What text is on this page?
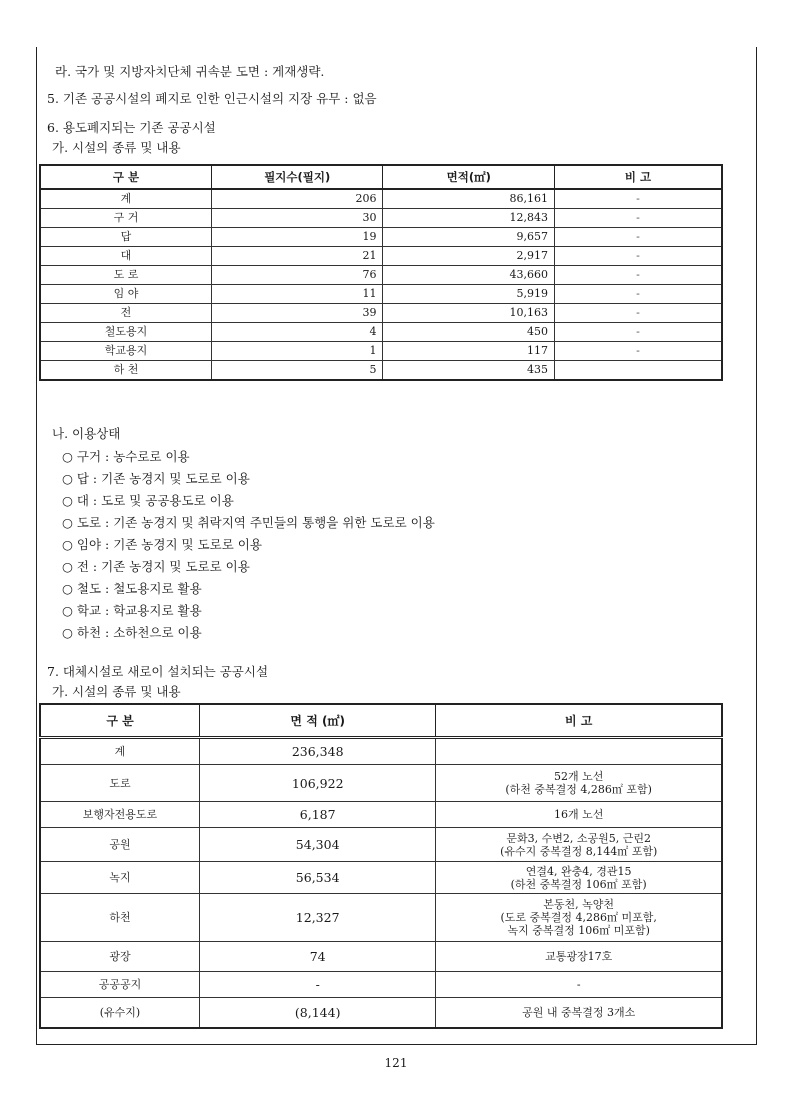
라. 국가 및 지방자치단체 귀속분 도면 : 게재생략.
5. 기존 공공시설의 폐지로 인한 인근시설의 지장 유무 : 없음
6. 용도폐지되는 기존 공공시설
가. 시설의 종류 및 내용
구 분	필지수(필지)	면적(㎡)	비 고
계	206	86,161	-
구 거	30	12,843	-
답	19	9,657	-
대	21	2,917	-
도 로	76	43,660	-
임 야	11	5,919	-
전	39	10,163	-
철도용지	4	450	-
학교용지	1	117	-
하 천	5	435	
나. 이용상태
○ 구거 : 농수로로 이용
○ 답 : 기존 농경지 및 도로로 이용
○ 대 : 도로 및 공공용도로 이용
○ 도로 : 기존 농경지 및 취락지역 주민들의 통행을 위한 도로로 이용
○ 임야 : 기존 농경지 및 도로로 이용
○ 전 : 기존 농경지 및 도로로 이용
○ 철도 : 철도용지로 활용
○ 학교 : 학교용지로 활용
○ 하천 : 소하천으로 이용
7. 대체시설로 새로이 설치되는 공공시설
가. 시설의 종류 및 내용
구 분	면 적 (㎡)	비 고
계	236,348	
도로	106,922	52개 노선
(하천 중복결정 4,286㎡ 포함)

보행자전용도로	6,187	16개 노선

공원	54,304	문화3, 수변2, 소공원5, 근린2
(유수지 중복결정 8,144㎡ 포함)

녹지	56,534	연결4, 완충4, 경관15
(하천 중복결정 106㎡ 포함)

하천	12,327	본동천, 녹양천
(도로 중복결정 4,286㎡ 미포함,
녹지 중복결정 106㎡ 미포함)

광장	74	교통광장17호

공공공지	-	-

(유수지)	(8,144)	공원 내 중복결정 3개소
121
